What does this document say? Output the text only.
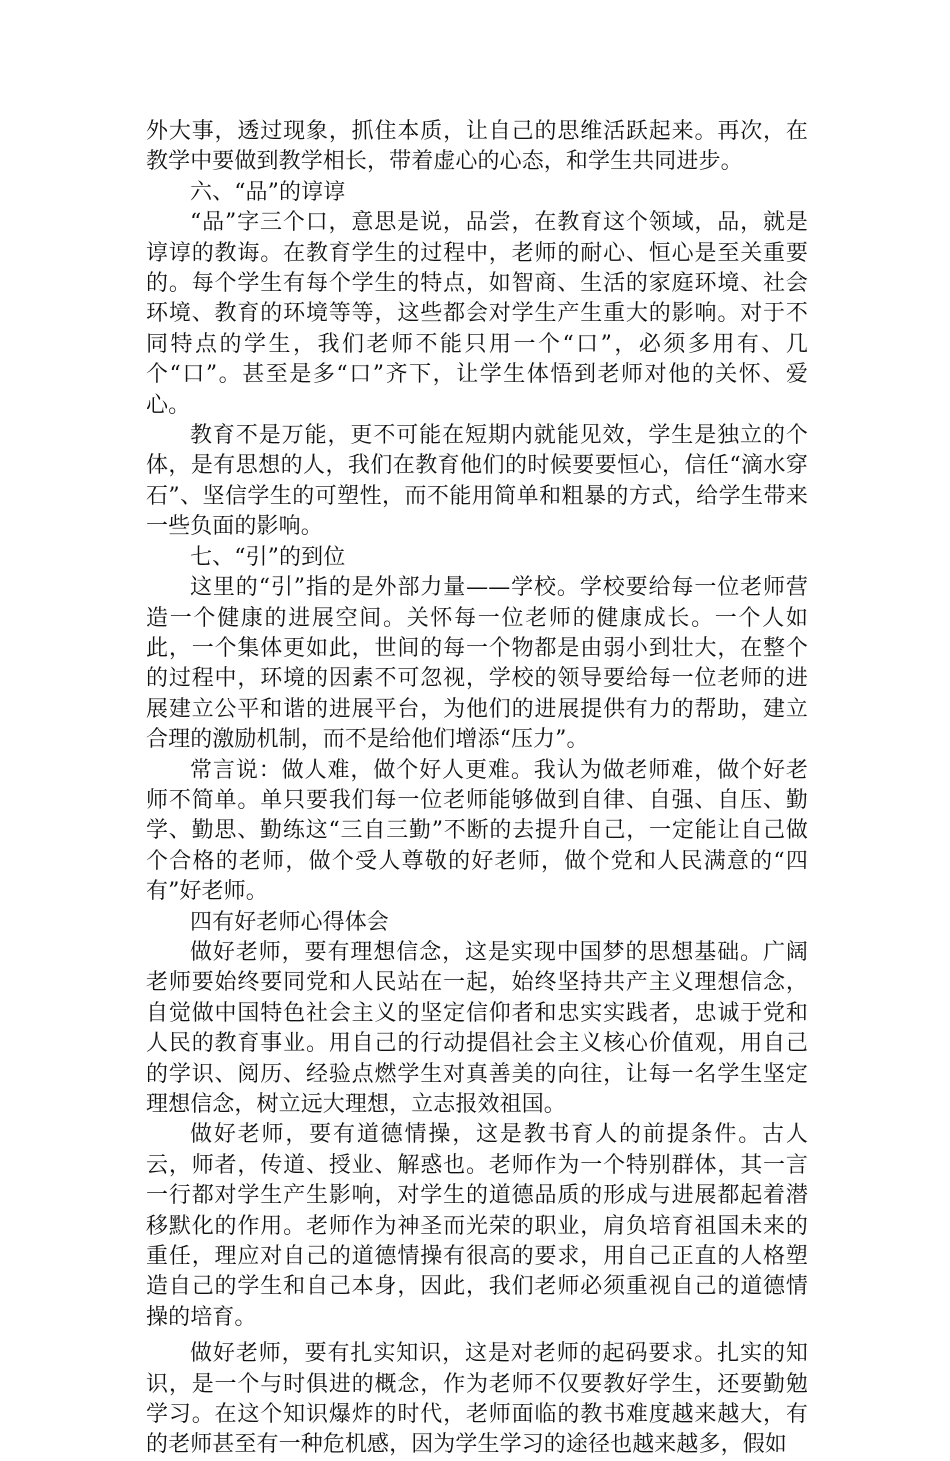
外大事，透过现象，抓住本质，让自己的思维活跃起来。再次，在教学中要做到教学相长，带着虚心的心态，和学生共同进步。

六、“品”的谆谆

“品”字三个口，意思是说，品尝，在教育这个领域，品，就是谆谆的教诲。在教育学生的过程中，老师的耐心、恒心是至关重要的。每个学生有每个学生的特点，如智商、生活的家庭环境、社会环境、教育的环境等等，这些都会对学生产生重大的影响。对于不同特点的学生，我们老师不能只用一个“口”，必须多用有、几个“口”。甚至是多“口”齐下，让学生体悟到老师对他的关怀、爱心。

教育不是万能，更不可能在短期内就能见效，学生是独立的个体，是有思想的人，我们在教育他们的时候要要恒心，信任“滴水穿石”、坚信学生的可塑性，而不能用简单和粗暴的方式，给学生带来一些负面的影响。

七、“引”的到位

这里的“引”指的是外部力量——学校。学校要给每一位老师营造一个健康的进展空间。关怀每一位老师的健康成长。一个人如此，一个集体更如此，世间的每一个物都是由弱小到壮大，在整个的过程中，环境的因素不可忽视，学校的领导要给每一位老师的进展建立公平和谐的进展平台，为他们的进展提供有力的帮助，建立合理的激励机制，而不是给他们增添“压力”。

常言说：做人难，做个好人更难。我认为做老师难，做个好老师不简单。单只要我们每一位老师能够做到自律、自强、自压、勤学、勤思、勤练这“三自三勤”不断的去提升自己，一定能让自己做个合格的老师，做个受人尊敬的好老师，做个党和人民满意的“四有”好老师。

四有好老师心得体会

做好老师，要有理想信念，这是实现中国梦的思想基础。广阔老师要始终要同党和人民站在一起，始终坚持共产主义理想信念，自觉做中国特色社会主义的坚定信仰者和忠实实践者，忠诚于党和人民的教育事业。用自己的行动提倡社会主义核心价值观，用自己的学识、阅历、经验点燃学生对真善美的向往，让每一名学生坚定理想信念，树立远大理想，立志报效祖国。

做好老师，要有道德情操，这是教书育人的前提条件。古人云，师者，传道、授业、解惑也。老师作为一个特别群体，其一言一行都对学生产生影响，对学生的道德品质的形成与进展都起着潜移默化的作用。老师作为神圣而光荣的职业，肩负培育祖国未来的重任，理应对自己的道德情操有很高的要求，用自己正直的人格塑造自己的学生和自己本身，因此，我们老师必须重视自己的道德情操的培育。

做好老师，要有扎实知识，这是对老师的起码要求。扎实的知识，是一个与时俱进的概念，作为老师不仅要教好学生，还要勤勉学习。在这个知识爆炸的时代，老师面临的教书难度越来越大，有的老师甚至有一种危机感，因为学生学习的途径也越来越多，假如
